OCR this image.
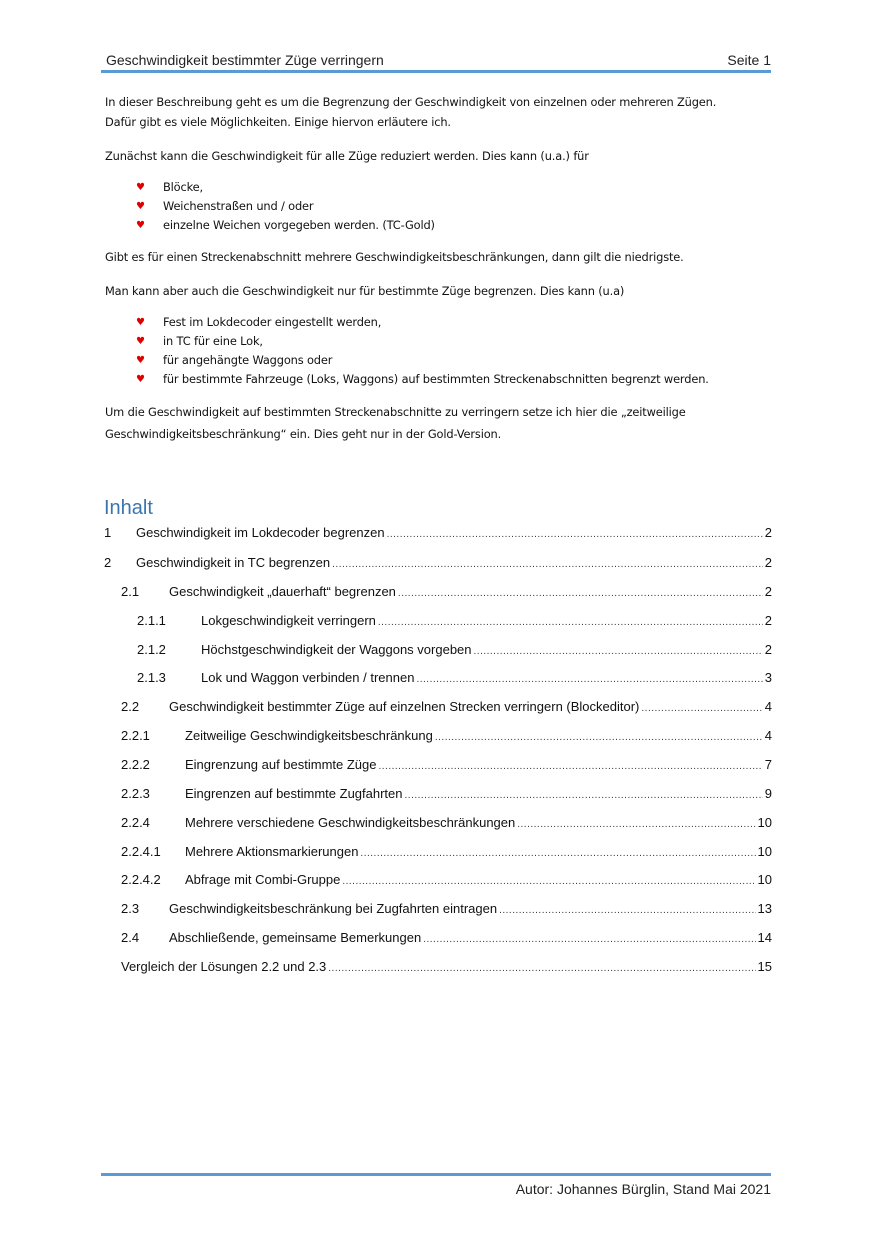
Geschwindigkeit bestimmter Züge verringern	Seite 1
In dieser Beschreibung geht es um die Begrenzung der Geschwindigkeit von einzelnen oder mehreren Zügen.
Dafür gibt es viele Möglichkeiten. Einige hiervon erläutere ich.
Zunächst kann die Geschwindigkeit für alle Züge reduziert werden. Dies kann (u.a.) für
♥ Blöcke,
♥ Weichenstraßen und / oder
♥ einzelne Weichen vorgegeben werden. (TC-Gold)
Gibt es für einen Streckenabschnitt mehrere Geschwindigkeitsbeschränkungen, dann gilt die niedrigste.
Man kann aber auch die Geschwindigkeit nur für bestimmte Züge begrenzen. Dies kann (u.a)
♥ Fest im Lokdecoder eingestellt werden,
♥ in TC für eine Lok,
♥ für angehängte Waggons oder
♥ für bestimmte Fahrzeuge (Loks, Waggons) auf bestimmten Streckenabschnitten begrenzt werden.
Um die Geschwindigkeit auf bestimmten Streckenabschnitte zu verringern setze ich hier die „zeitweilige
Geschwindigkeitsbeschränkung“ ein. Dies geht nur in der Gold-Version.
Inhalt
1	Geschwindigkeit im Lokdecoder begrenzen .....	2
2	Geschwindigkeit in TC begrenzen .....	2
2.1	Geschwindigkeit „dauerhaft“ begrenzen .....	2
2.1.1	Lokgeschwindigkeit verringern .....	2
2.1.2	Höchstgeschwindigkeit der Waggons vorgeben .....	2
2.1.3	Lok und Waggon verbinden / trennen .....	3
2.2	Geschwindigkeit bestimmter Züge auf einzelnen Strecken verringern (Blockeditor) .....	4
2.2.1	Zeitweilige Geschwindigkeitsbeschränkung .....	4
2.2.2	Eingrenzung auf bestimmte Züge .....	7
2.2.3	Eingrenzen auf bestimmte Zugfahrten .....	9
2.2.4	Mehrere verschiedene Geschwindigkeitsbeschränkungen .....	10
2.2.4.1	Mehrere Aktionsmarkierungen .....	10
2.2.4.2	Abfrage mit Combi-Gruppe .....	10
2.3	Geschwindigkeitsbeschränkung bei Zugfahrten eintragen .....	13
2.4	Abschließende, gemeinsame Bemerkungen .....	14
Vergleich der Lösungen 2.2 und 2.3 .....	15
Autor: Johannes Bürglin, Stand Mai 2021
